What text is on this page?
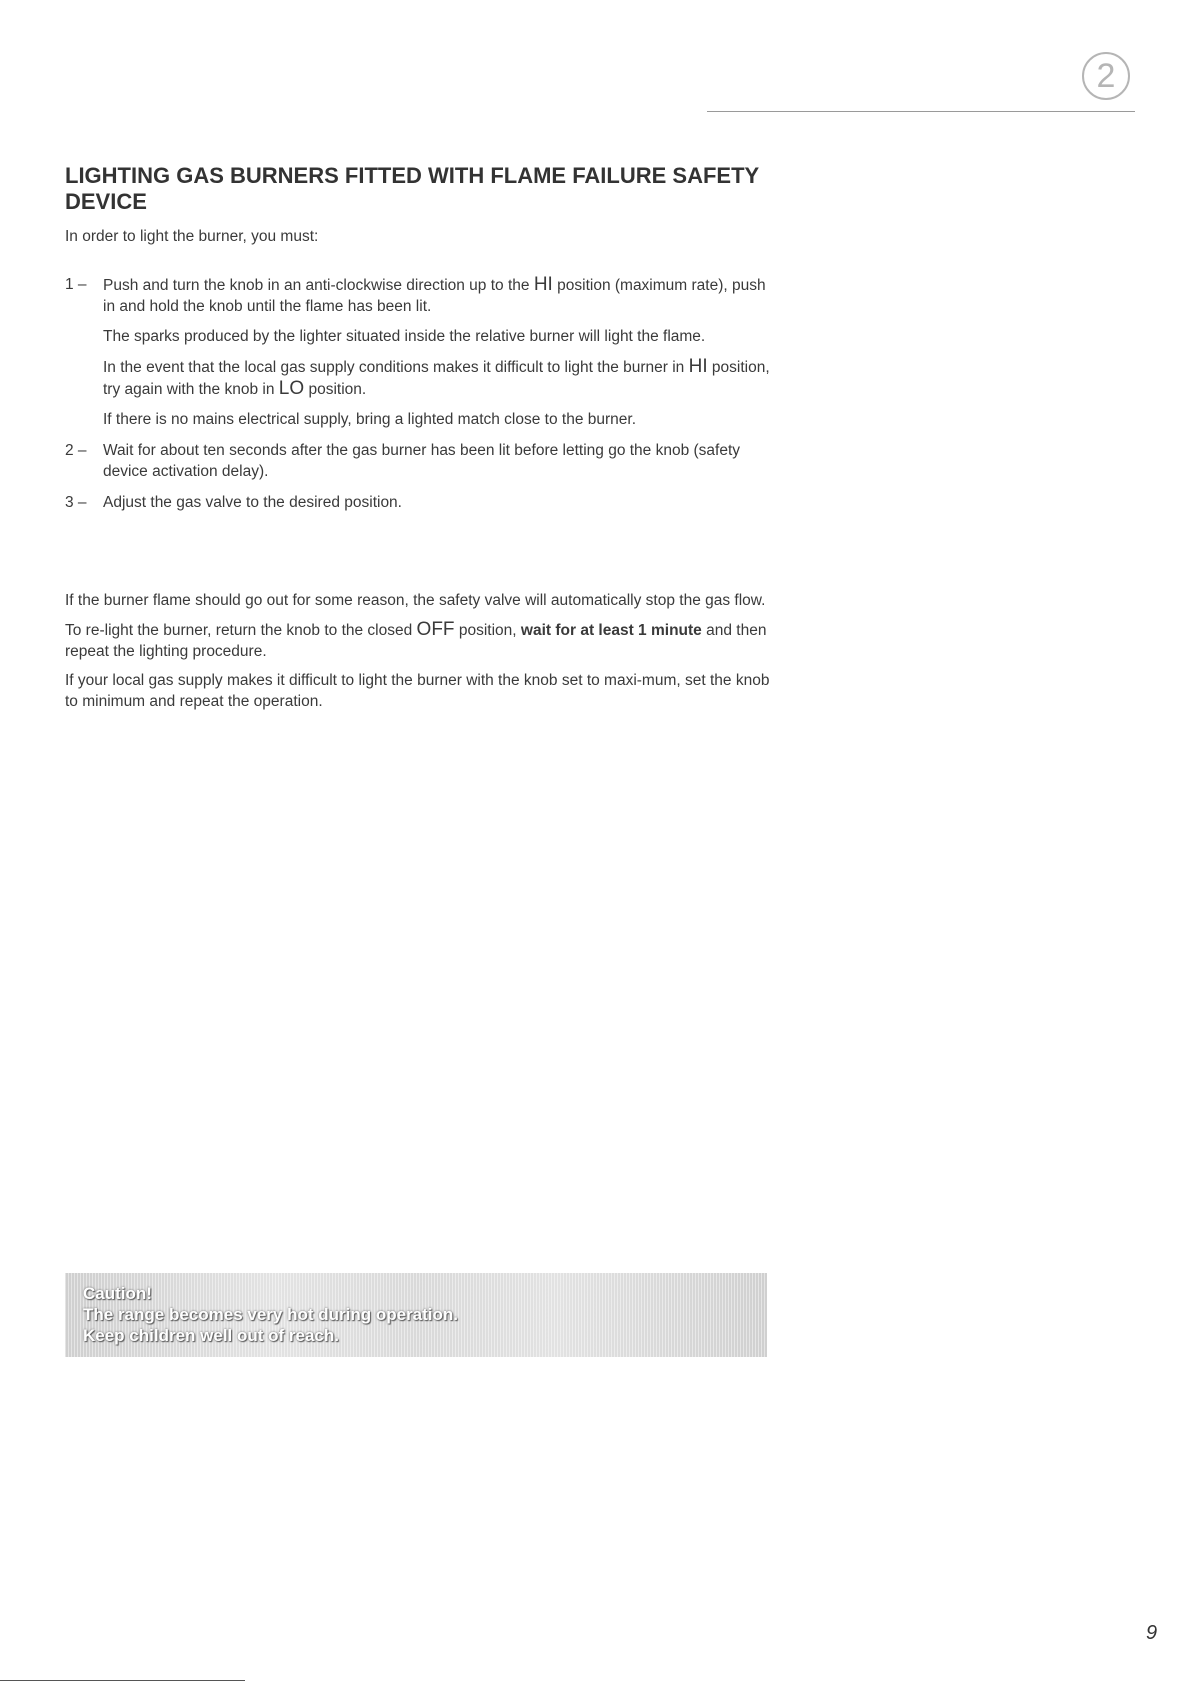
2
LIGHTING GAS BURNERS FITTED WITH FLAME FAILURE SAFETY DEVICE

In order to light the burner, you must:

1 – Push and turn the knob in an anti-clockwise direction up to the HI position (maximum rate), push in and hold the knob until the flame has been lit.

The sparks produced by the lighter situated inside the relative burner will light the flame.

In the event that the local gas supply conditions makes it difficult to light the burner in HI position, try again with the knob in LO position.

If there is no mains electrical supply, bring a lighted match close to the burner.

2 – Wait for about ten seconds after the gas burner has been lit before letting go the knob (safety device activation delay).

3 – Adjust the gas valve to the desired position.

If the burner flame should go out for some reason, the safety valve will automatically stop the gas flow.

To re-light the burner, return the knob to the closed OFF position, wait for at least 1 minute and then repeat the lighting procedure.

If your local gas supply makes it difficult to light the burner with the knob set to maxi-mum, set the knob to minimum and repeat the operation.

Caution!
The range becomes very hot during operation.
Keep children well out of reach.
9
